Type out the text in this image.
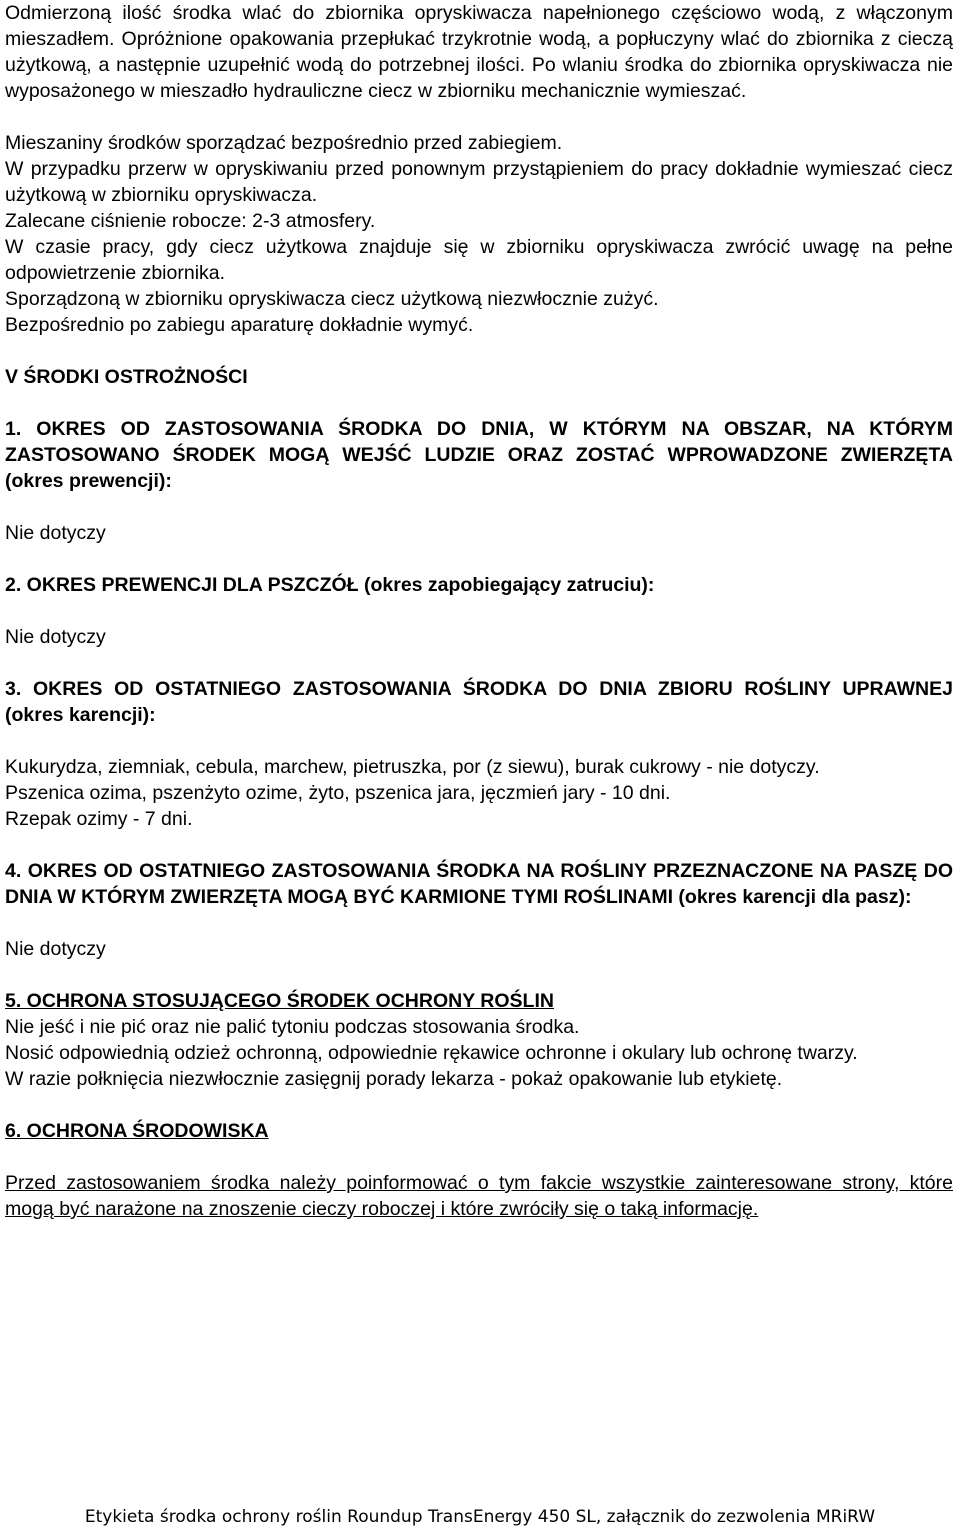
Odmierzoną ilość środka wlać do zbiornika opryskiwacza napełnionego częściowo wodą, z włączonym mieszadłem. Opróżnione opakowania przepłukać trzykrotnie wodą, a popłuczyny wlać do zbiornika z cieczą użytkową, a następnie uzupełnić wodą do potrzebnej ilości. Po wlaniu środka do zbiornika opryskiwacza nie wyposażonego w mieszadło hydrauliczne ciecz w zbiorniku mechanicznie wymieszać.

Mieszaniny środków sporządzać bezpośrednio przed zabiegiem.

W przypadku przerw w opryskiwaniu przed ponownym przystąpieniem do pracy dokładnie wymieszać ciecz użytkową w zbiorniku opryskiwacza.

Zalecane ciśnienie robocze: 2-3 atmosfery.

W czasie pracy, gdy ciecz użytkowa znajduje się w zbiorniku opryskiwacza zwrócić uwagę na pełne odpowietrzenie zbiornika.

Sporządzoną w zbiorniku opryskiwacza ciecz użytkową niezwłocznie zużyć.

Bezpośrednio po zabiegu aparaturę dokładnie wymyć.

V ŚRODKI OSTROŻNOŚCI

1. OKRES OD ZASTOSOWANIA ŚRODKA DO DNIA, W KTÓRYM NA OBSZAR, NA KTÓRYM ZASTOSOWANO ŚRODEK MOGĄ WEJŚĆ LUDZIE ORAZ ZOSTAĆ WPROWADZONE ZWIERZĘTA (okres prewencji):

Nie dotyczy

2. OKRES PREWENCJI DLA PSZCZÓŁ (okres zapobiegający zatruciu):

Nie dotyczy

3. OKRES OD OSTATNIEGO ZASTOSOWANIA ŚRODKA DO DNIA ZBIORU ROŚLINY UPRAWNEJ (okres karencji):

Kukurydza, ziemniak, cebula, marchew, pietruszka, por (z siewu), burak cukrowy - nie dotyczy.

Pszenica ozima, pszenżyto ozime, żyto, pszenica jara, jęczmień jary - 10 dni.

Rzepak ozimy - 7 dni.

4. OKRES OD OSTATNIEGO ZASTOSOWANIA ŚRODKA NA ROŚLINY PRZEZNACZONE NA PASZĘ DO DNIA W KTÓRYM ZWIERZĘTA MOGĄ BYĆ KARMIONE TYMI ROŚLINAMI (okres karencji dla pasz):

Nie dotyczy

5. OCHRONA STOSUJĄCEGO ŚRODEK OCHRONY ROŚLIN

Nie jeść i nie pić oraz nie palić tytoniu podczas stosowania środka.

Nosić odpowiednią odzież ochronną, odpowiednie rękawice ochronne i okulary lub ochronę twarzy.

W razie połknięcia niezwłocznie zasięgnij porady lekarza - pokaż opakowanie lub etykietę.

6. OCHRONA ŚRODOWISKA

Przed zastosowaniem środka należy poinformować o tym fakcie wszystkie zainteresowane strony, które mogą być narażone na znoszenie cieczy roboczej i które zwróciły się o taką informację.

Etykieta środka ochrony roślin Roundup TransEnergy 450 SL, załącznik do zezwolenia MRiRW
